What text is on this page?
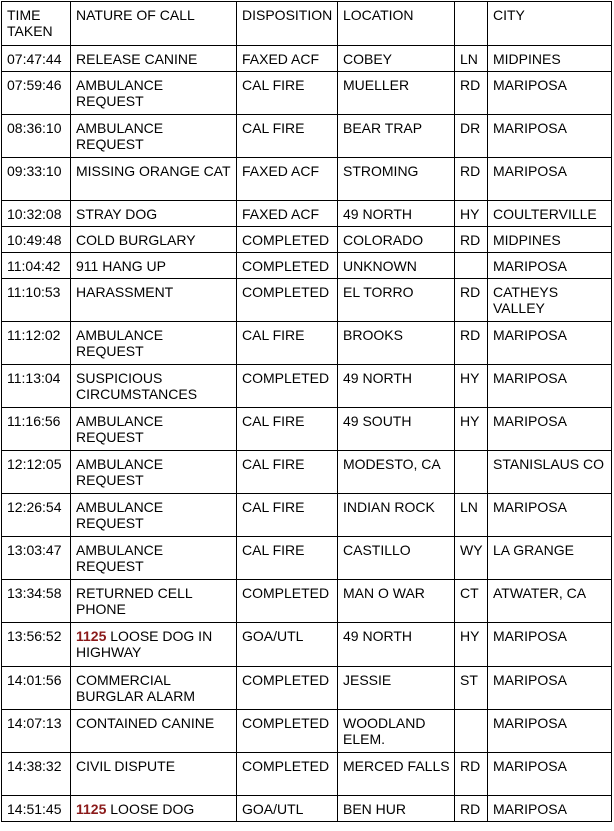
TIME TAKEN	NATURE OF CALL	DISPOSITION	LOCATION		CITY
07:47:44	RELEASE CANINE	FAXED ACF	COBEY	LN	MIDPINES
07:59:46	AMBULANCE REQUEST	CAL FIRE	MUELLER	RD	MARIPOSA
08:36:10	AMBULANCE REQUEST	CAL FIRE	BEAR TRAP	DR	MARIPOSA
09:33:10	MISSING ORANGE CAT	FAXED ACF	STROMING	RD	MARIPOSA
10:32:08	STRAY DOG	FAXED ACF	49 NORTH	HY	COULTERVILLE
10:49:48	COLD BURGLARY	COMPLETED	COLORADO	RD	MIDPINES
11:04:42	911 HANG UP	COMPLETED	UNKNOWN		MARIPOSA
11:10:53	HARASSMENT	COMPLETED	EL TORRO	RD	CATHEYS VALLEY
11:12:02	AMBULANCE REQUEST	CAL FIRE	BROOKS	RD	MARIPOSA
11:13:04	SUSPICIOUS CIRCUMSTANCES	COMPLETED	49 NORTH	HY	MARIPOSA
11:16:56	AMBULANCE REQUEST	CAL FIRE	49 SOUTH	HY	MARIPOSA
12:12:05	AMBULANCE REQUEST	CAL FIRE	MODESTO, CA		STANISLAUS CO
12:26:54	AMBULANCE REQUEST	CAL FIRE	INDIAN ROCK	LN	MARIPOSA
13:03:47	AMBULANCE REQUEST	CAL FIRE	CASTILLO	WY	LA GRANGE
13:34:58	RETURNED CELL PHONE	COMPLETED	MAN O WAR	CT	ATWATER, CA
13:56:52	1125 LOOSE DOG IN HIGHWAY	GOA/UTL	49 NORTH	HY	MARIPOSA
14:01:56	COMMERCIAL BURGLAR ALARM	COMPLETED	JESSIE	ST	MARIPOSA
14:07:13	CONTAINED CANINE	COMPLETED	WOODLAND ELEM.		MARIPOSA
14:38:32	CIVIL DISPUTE	COMPLETED	MERCED FALLS	RD	MARIPOSA
14:51:45	1125 LOOSE DOG	GOA/UTL	BEN HUR	RD	MARIPOSA
